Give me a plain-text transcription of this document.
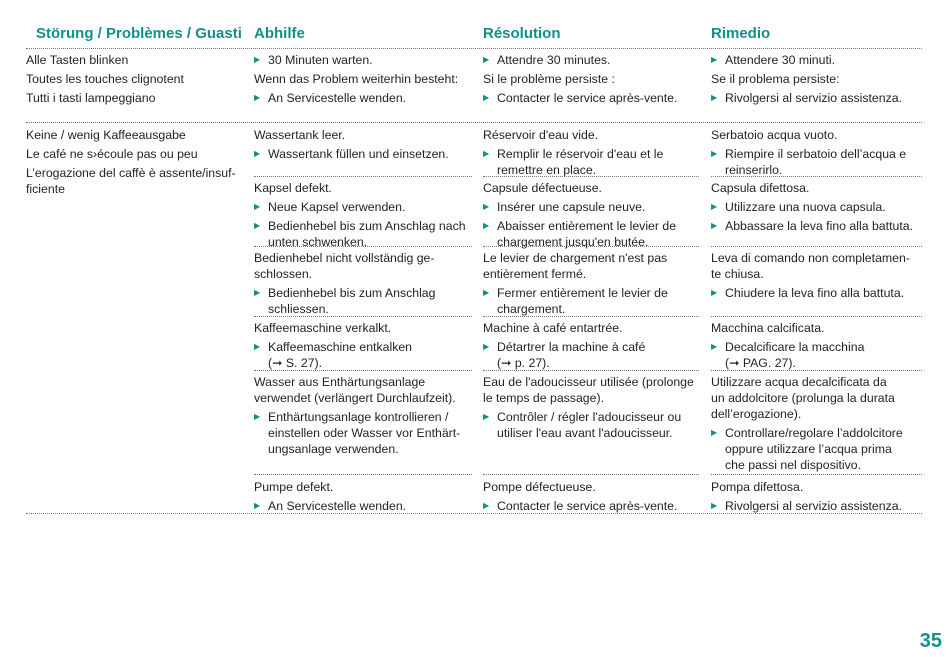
Störung / Problèmes / Guasti Abhilfe	Résolution	Rimedio
Alle Tasten blinken
Toutes les touches clignotent
Tutti i tasti lampeggiano
▶ 30 Minuten warten.
Wenn das Problem weiterhin besteht:
▶ An Servicestelle wenden.
▶ Attendre 30 minutes.
Si le problème persiste :
▶ Contacter le service après-vente.
▶ Attendere 30 minuti.
Se il problema persiste:
▶ Rivolgersi al servizio assistenza.
Keine / wenig Kaffeeausgabe
Le café ne s›écoule pas ou peu
L’erogazione del caffè è assente/insuf-
ficiente
Wassertank leer.
▶ Wassertank füllen und einsetzen.
Kapsel defekt.
▶ Neue Kapsel verwenden.
▶ Bedienhebel bis zum Anschlag nach
unten schwenken.
Bedienhebel nicht vollständig ge-
schlossen.
▶ Bedienhebel bis zum Anschlag
schliessen.
Kaffeemaschine verkalkt.
▶ Kaffeemaschine entkalken
(➞ S. 27).
Wasser aus Enthärtungsanlage
verwendet (verlängert Durchlaufzeit).
▶ Enthärtungsanlage kontrollieren /
einstellen oder Wasser vor Enthärt-
ungsanlage verwenden.
Pumpe defekt.
▶ An Servicestelle wenden.
Réservoir d'eau vide.
▶ Remplir le réservoir d'eau et le
remettre en place.
Capsule défectueuse.
▶ Insérer une capsule neuve.
▶ Abaisser entièrement le levier de
chargement jusqu'en butée.
Le levier de chargement n'est pas
entièrement fermé.
▶ Fermer entièrement le levier de
chargement.
Machine à café entartrée.
▶ Détartrer la machine à café
(➞ p. 27).
Eau de l'adoucisseur utilisée (prolonge
le temps de passage).
▶ Contrôler / régler l'adoucisseur ou
utiliser l'eau avant l'adoucisseur.
Pompe défectueuse.
▶ Contacter le service après-vente.
Serbatoio acqua vuoto.
▶ Riempire il serbatoio dell’acqua e
reinserirlo.
Capsula difettosa.
▶ Utilizzare una nuova capsula.
▶ Abbassare la leva fino alla battuta.
Leva di comando non completamen-
te chiusa.
▶ Chiudere la leva fino alla battuta.
Macchina calcificata.
▶ Decalcificare la macchina
(➞ PAG. 27).
Utilizzare acqua decalcificata da
un addolcitore (prolunga la durata
dell’erogazione).
▶ Controllare/regolare l’addolcitore
oppure utilizzare l’acqua prima
che passi nel dispositivo.
Pompa difettosa.
▶ Rivolgersi al servizio assistenza.
35
